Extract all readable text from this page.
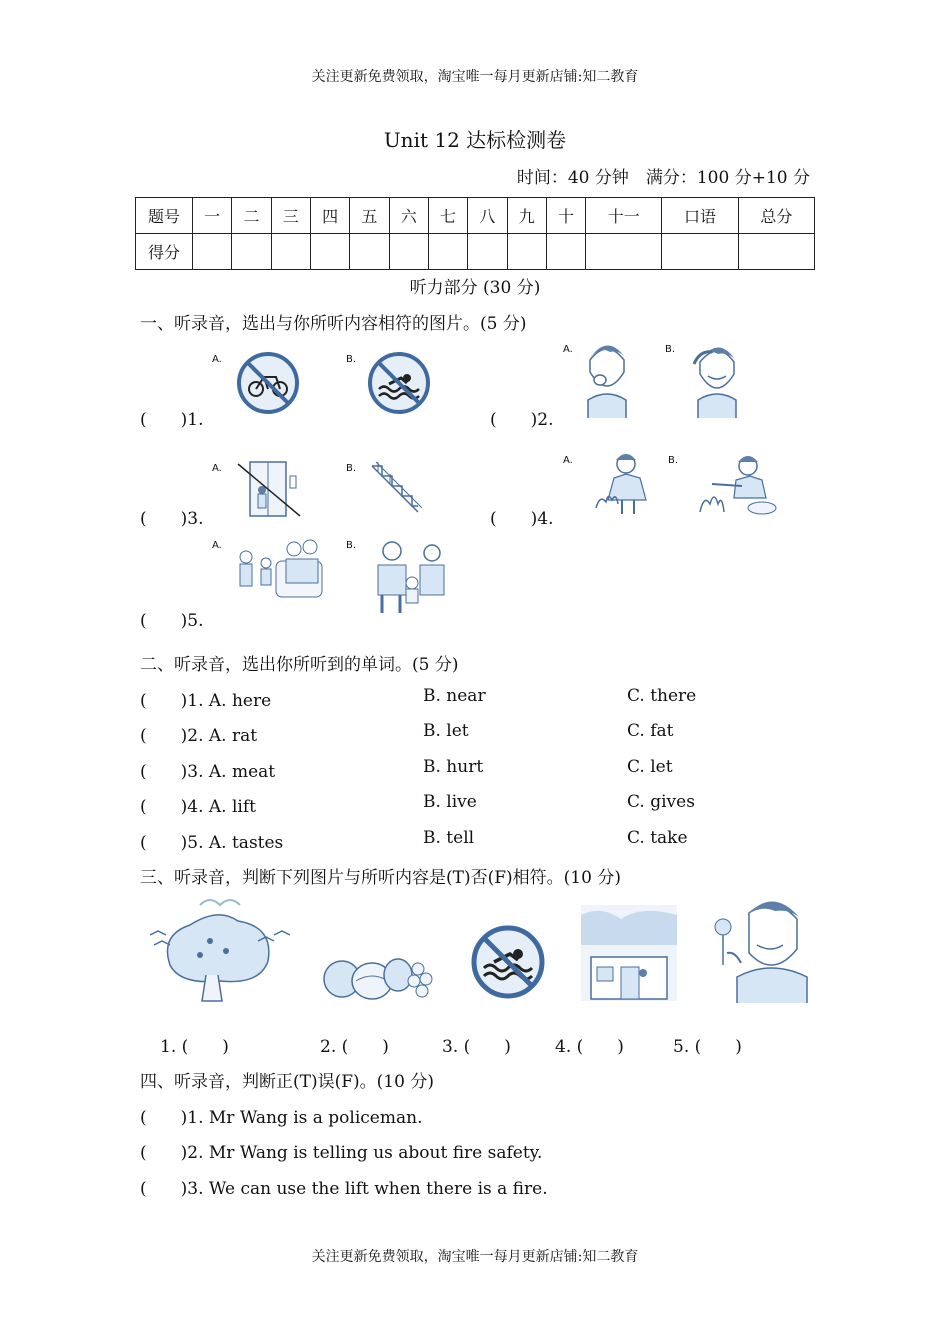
关注更新免费领取，淘宝唯一每月更新店铺:知二教育
关注更新免费领取，淘宝唯一每月更新店铺:知二教育
Unit 12 达标检测卷
时间：40 分钟　满分：100 分+10 分
题号	一	二	三	四	五	六	七	八	九	十	十一	口语	总分
得分													
听力部分 (30 分)
一、听录音，选出与你所听内容相符的图片。(5 分)
(　　)1.
A.	B.
(　　)2.
A.	B.
(　　)3.
A.	B.
(　　)4.
A.	B.
(　　)5.
A.	B.
二、听录音，选出你所听到的单词。(5 分)
(　　)1. A. here	B. near	C. there
(　　)2. A. rat	B. let	C. fat
(　　)3. A. meat	B. hurt	C. let
(　　)4. A. lift	B. live	C. gives
(　　)5. A. tastes	B. tell	C. take
三、听录音，判断下列图片与所听内容是(T)否(F)相符。(10 分)
1. (　　)	2. (　　)	3. (　　)	4. (　　)	5. (　　)
四、听录音，判断正(T)误(F)。(10 分)
(　　)1. Mr Wang is a policeman.
(　　)2. Mr Wang is telling us about fire safety.
(　　)3. We can use the lift when there is a fire.
